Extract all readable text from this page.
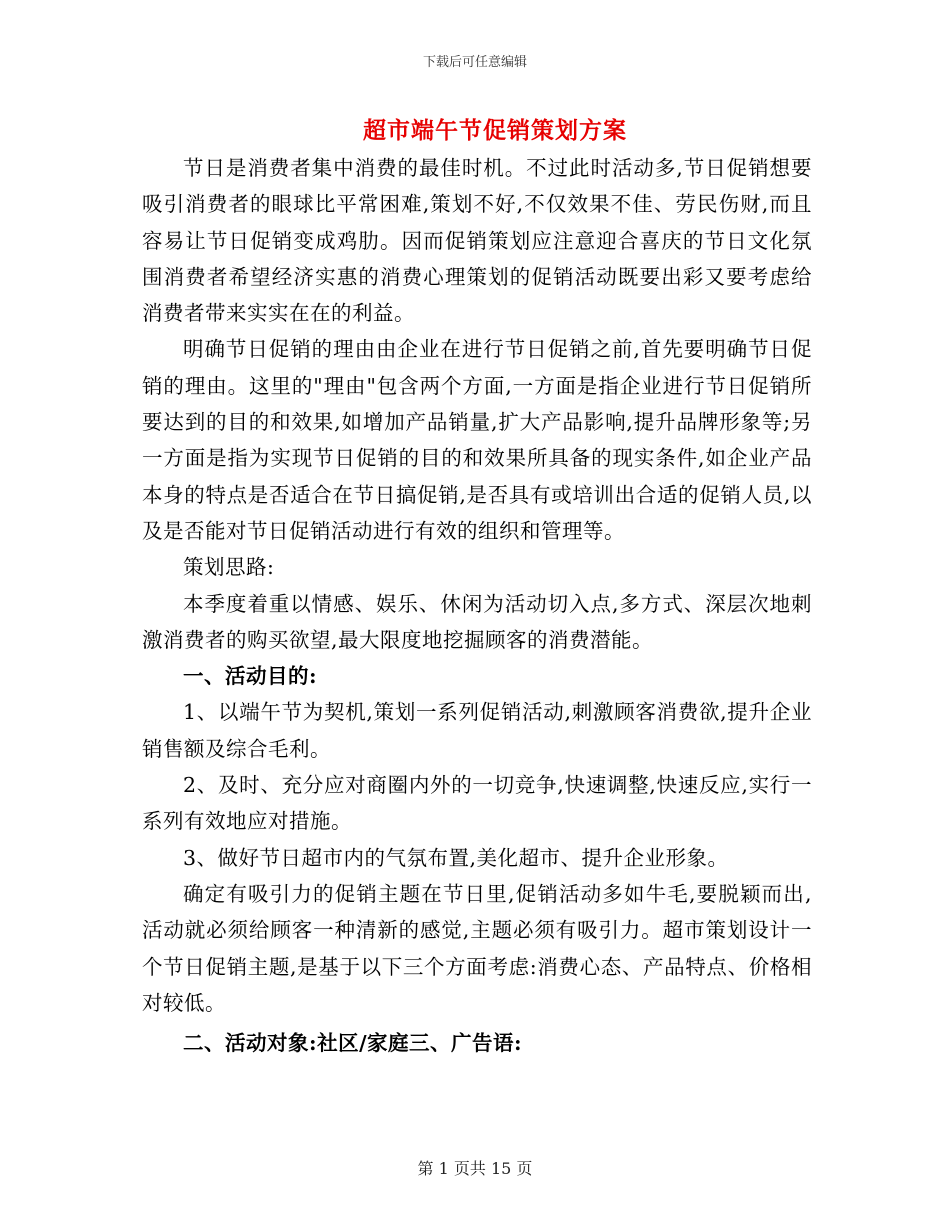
下载后可任意编辑
超市端午节促销策划方案

节日是消费者集中消费的最佳时机。不过此时活动多,节日促销想要吸引消费者的眼球比平常困难,策划不好,不仅效果不佳、劳民伤财,而且容易让节日促销变成鸡肋。因而促销策划应注意迎合喜庆的节日文化氛围消费者希望经济实惠的消费心理策划的促销活动既要出彩又要考虑给消费者带来实实在在的利益。

明确节日促销的理由由企业在进行节日促销之前,首先要明确节日促销的理由。这里的"理由"包含两个方面,一方面是指企业进行节日促销所要达到的目的和效果,如增加产品销量,扩大产品影响,提升品牌形象等;另一方面是指为实现节日促销的目的和效果所具备的现实条件,如企业产品本身的特点是否适合在节日搞促销,是否具有或培训出合适的促销人员,以及是否能对节日促销活动进行有效的组织和管理等。

策划思路:

本季度着重以情感、娱乐、休闲为活动切入点,多方式、深层次地刺激消费者的购买欲望,最大限度地挖掘顾客的消费潜能。

一、活动目的:

1、以端午节为契机,策划一系列促销活动,刺激顾客消费欲,提升企业销售额及综合毛利。

2、及时、充分应对商圈内外的一切竞争,快速调整,快速反应,实行一系列有效地应对措施。

3、做好节日超市内的气氛布置,美化超市、提升企业形象。

确定有吸引力的促销主题在节日里,促销活动多如牛毛,要脱颖而出,活动就必须给顾客一种清新的感觉,主题必须有吸引力。超市策划设计一个节日促销主题,是基于以下三个方面考虑:消费心态、产品特点、价格相对较低。

二、活动对象:社区/家庭三、广告语:

第 1 页共 15 页
